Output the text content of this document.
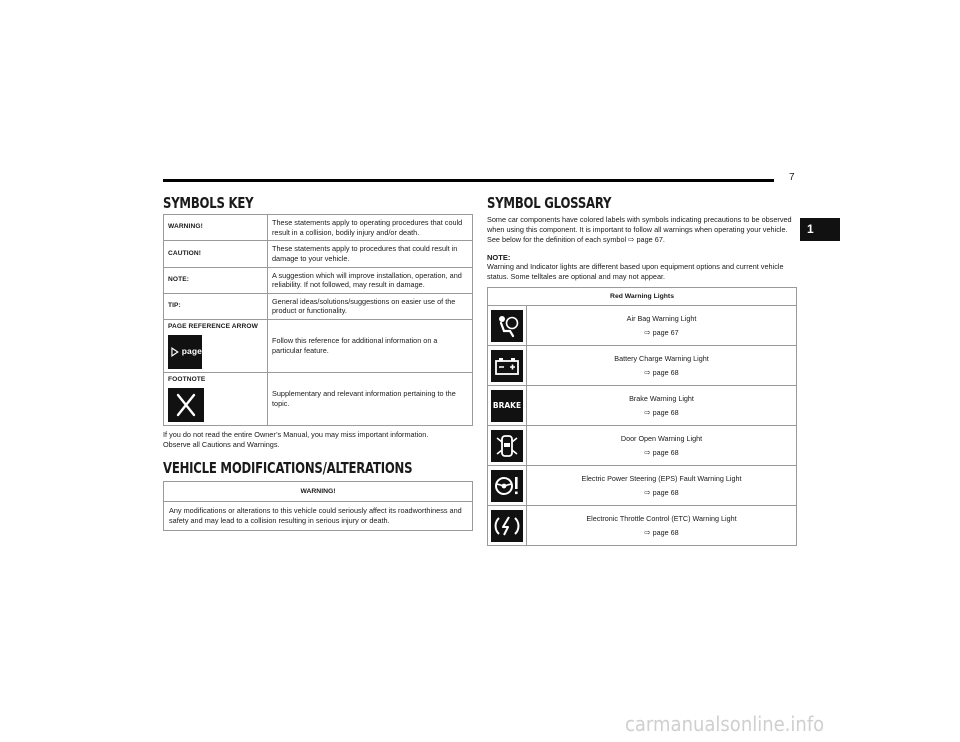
7
1
SYMBOLS KEY
WARNING!	These statements apply to operating procedures that could result in a collision, bodily injury and/or death.
CAUTION!	These statements apply to procedures that could result in damage to your vehicle.
NOTE:	A suggestion which will improve installation, operation, and reliability. If not followed, may result in damage.
TIP:	General ideas/solutions/suggestions on easier use of the product or functionality.

PAGE REFERENCE ARROW
page	Follow this reference for additional information on a particular feature.

FOOTNOTE	Supplementary and relevant information pertaining to the topic.
If you do not read the entire Owner’s Manual, you may miss important information.
Observe all Cautions and Warnings.
VEHICLE MODIFICATIONS/ALTERATIONS
WARNING!
Any modifications or alterations to this vehicle could seriously affect its roadworthiness and safety and may lead to a collision resulting in serious injury or death.
SYMBOL GLOSSARY
Some car components have colored labels with symbols indicating precautions to be observed when using this component. It is important to follow all warnings when operating your vehicle. See below for the definition of each symbol ⇨ page 67.
NOTE:
Warning and Indicator lights are different based upon equipment options and current vehicle status. Some telltales are optional and may not appear.
Red Warning Lights	

Air Bag Warning Light
⇨ page 67

Battery Charge Warning Light
⇨ page 68

BRAKE	Brake Warning Light
⇨ page 68

Door Open Warning Light
⇨ page 68

Electric Power Steering (EPS) Fault Warning Light
⇨ page 68

Electronic Throttle Control (ETC) Warning Light
⇨ page 68
carmanualsonline.info
